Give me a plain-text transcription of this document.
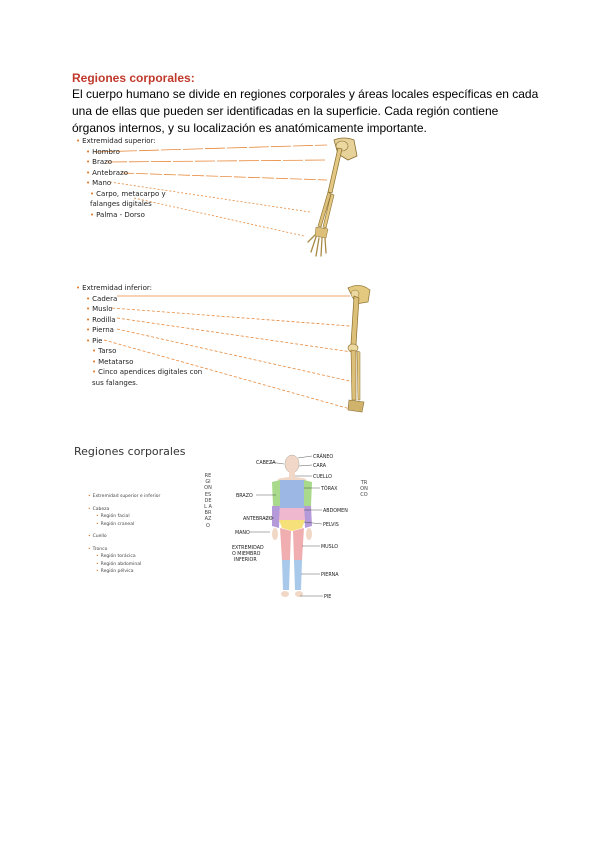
Regiones corporales:

El cuerpo humano se divide en regiones corporales y áreas locales específicas en cada una de ellas que pueden ser identificadas en la superficie. Cada región contiene órganos internos, y su localización es anatómicamente importante.

• Extremidad superior:
• Hombro
• Brazo
• Antebrazo
• Mano
• Carpo, metacarpo y falanges digitales
• Palma - Dorso
• Extremidad inferior:
• Cadera
• Muslo
• Rodilla
• Pierna
• Pie
• Tarso
• Metatarso
• Cinco apendices digitales con sus falanges.
Regiones corporales
• Extremidad superior e inferior
• Cabeza
• Región facial
• Región craneal
• Cuello
• Tronco
• Región torácica
• Región abdominal
• Región pélvica
REGIONES DEL ABRAZO
TRONCO
CABEZA
CRÁNEO
CARA
CUELLO
TÓRAX
BRAZO
ABDOMEN
ANTEBRAZO
PELVIS
MANO
MUSLO
PIERNA
PIE
EXTREMIDAD
O MIEMBRO
INFERIOR
